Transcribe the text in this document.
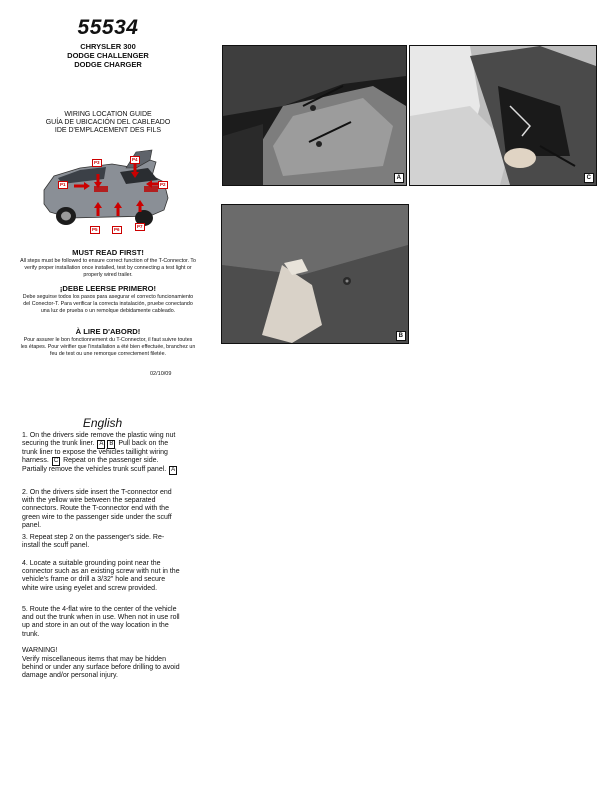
55534
CHRYSLER 300
DODGE CHALLENGER
DODGE CHARGER
WIRING LOCATION GUIDE
GUÍA DE UBICACIÓN DEL CABLEADO
IDE D'EMPLACEMENT DES FILS
P1
P3
P4
P2
P5	P6
P7
MUST READ FIRST!
All steps must be followed to ensure correct function of the T-Connector. To verify proper installation once installed, test by connecting a test light or properly wired trailer.
¡DEBE LEERSE PRIMERO!
Debe seguirse todos los pasos para asegurar el correcto funcionamiento del Conector-T. Para verificar la correcta instalación, pruebe conectando una luz de prueba o un remolque debidamente cableado.
À LIRE D'ABORD!
Pour assurer le bon fonctionnement du T-Connector, il faut suivre toutes les étapes. Pour vérifier que l'installation a été bien effectuée, branchez un feu de test ou une remorque correctement filetée.
02/10/09
English
1. On the drivers side remove the plastic wing nut securing the trunk liner. A B Pull back on the trunk liner to expose the vehicles taillight wiring harness. C Repeat on the passenger side. Partially remove the vehicles trunk scuff panel. A
2. On the drivers side insert the T-connector end with the yellow wire between the separated connectors. Route the T-connector end with the green wire to the passenger side under the scuff panel.
3. Repeat step 2 on the passenger's side. Re-install the scuff panel.
4. Locate a suitable grounding point near the connector such as an existing screw with nut in the vehicle's frame or drill a 3/32" hole and secure white wire using eyelet and screw provided.
5. Route the 4-flat wire to the center of the vehicle and out the trunk when in use. When not in use roll up and store in an out of the way location in the trunk.
WARNING!
Verify miscellaneous items that may be hidden behind or under any surface before drilling to avoid damage and/or personal injury.
A	C
B
